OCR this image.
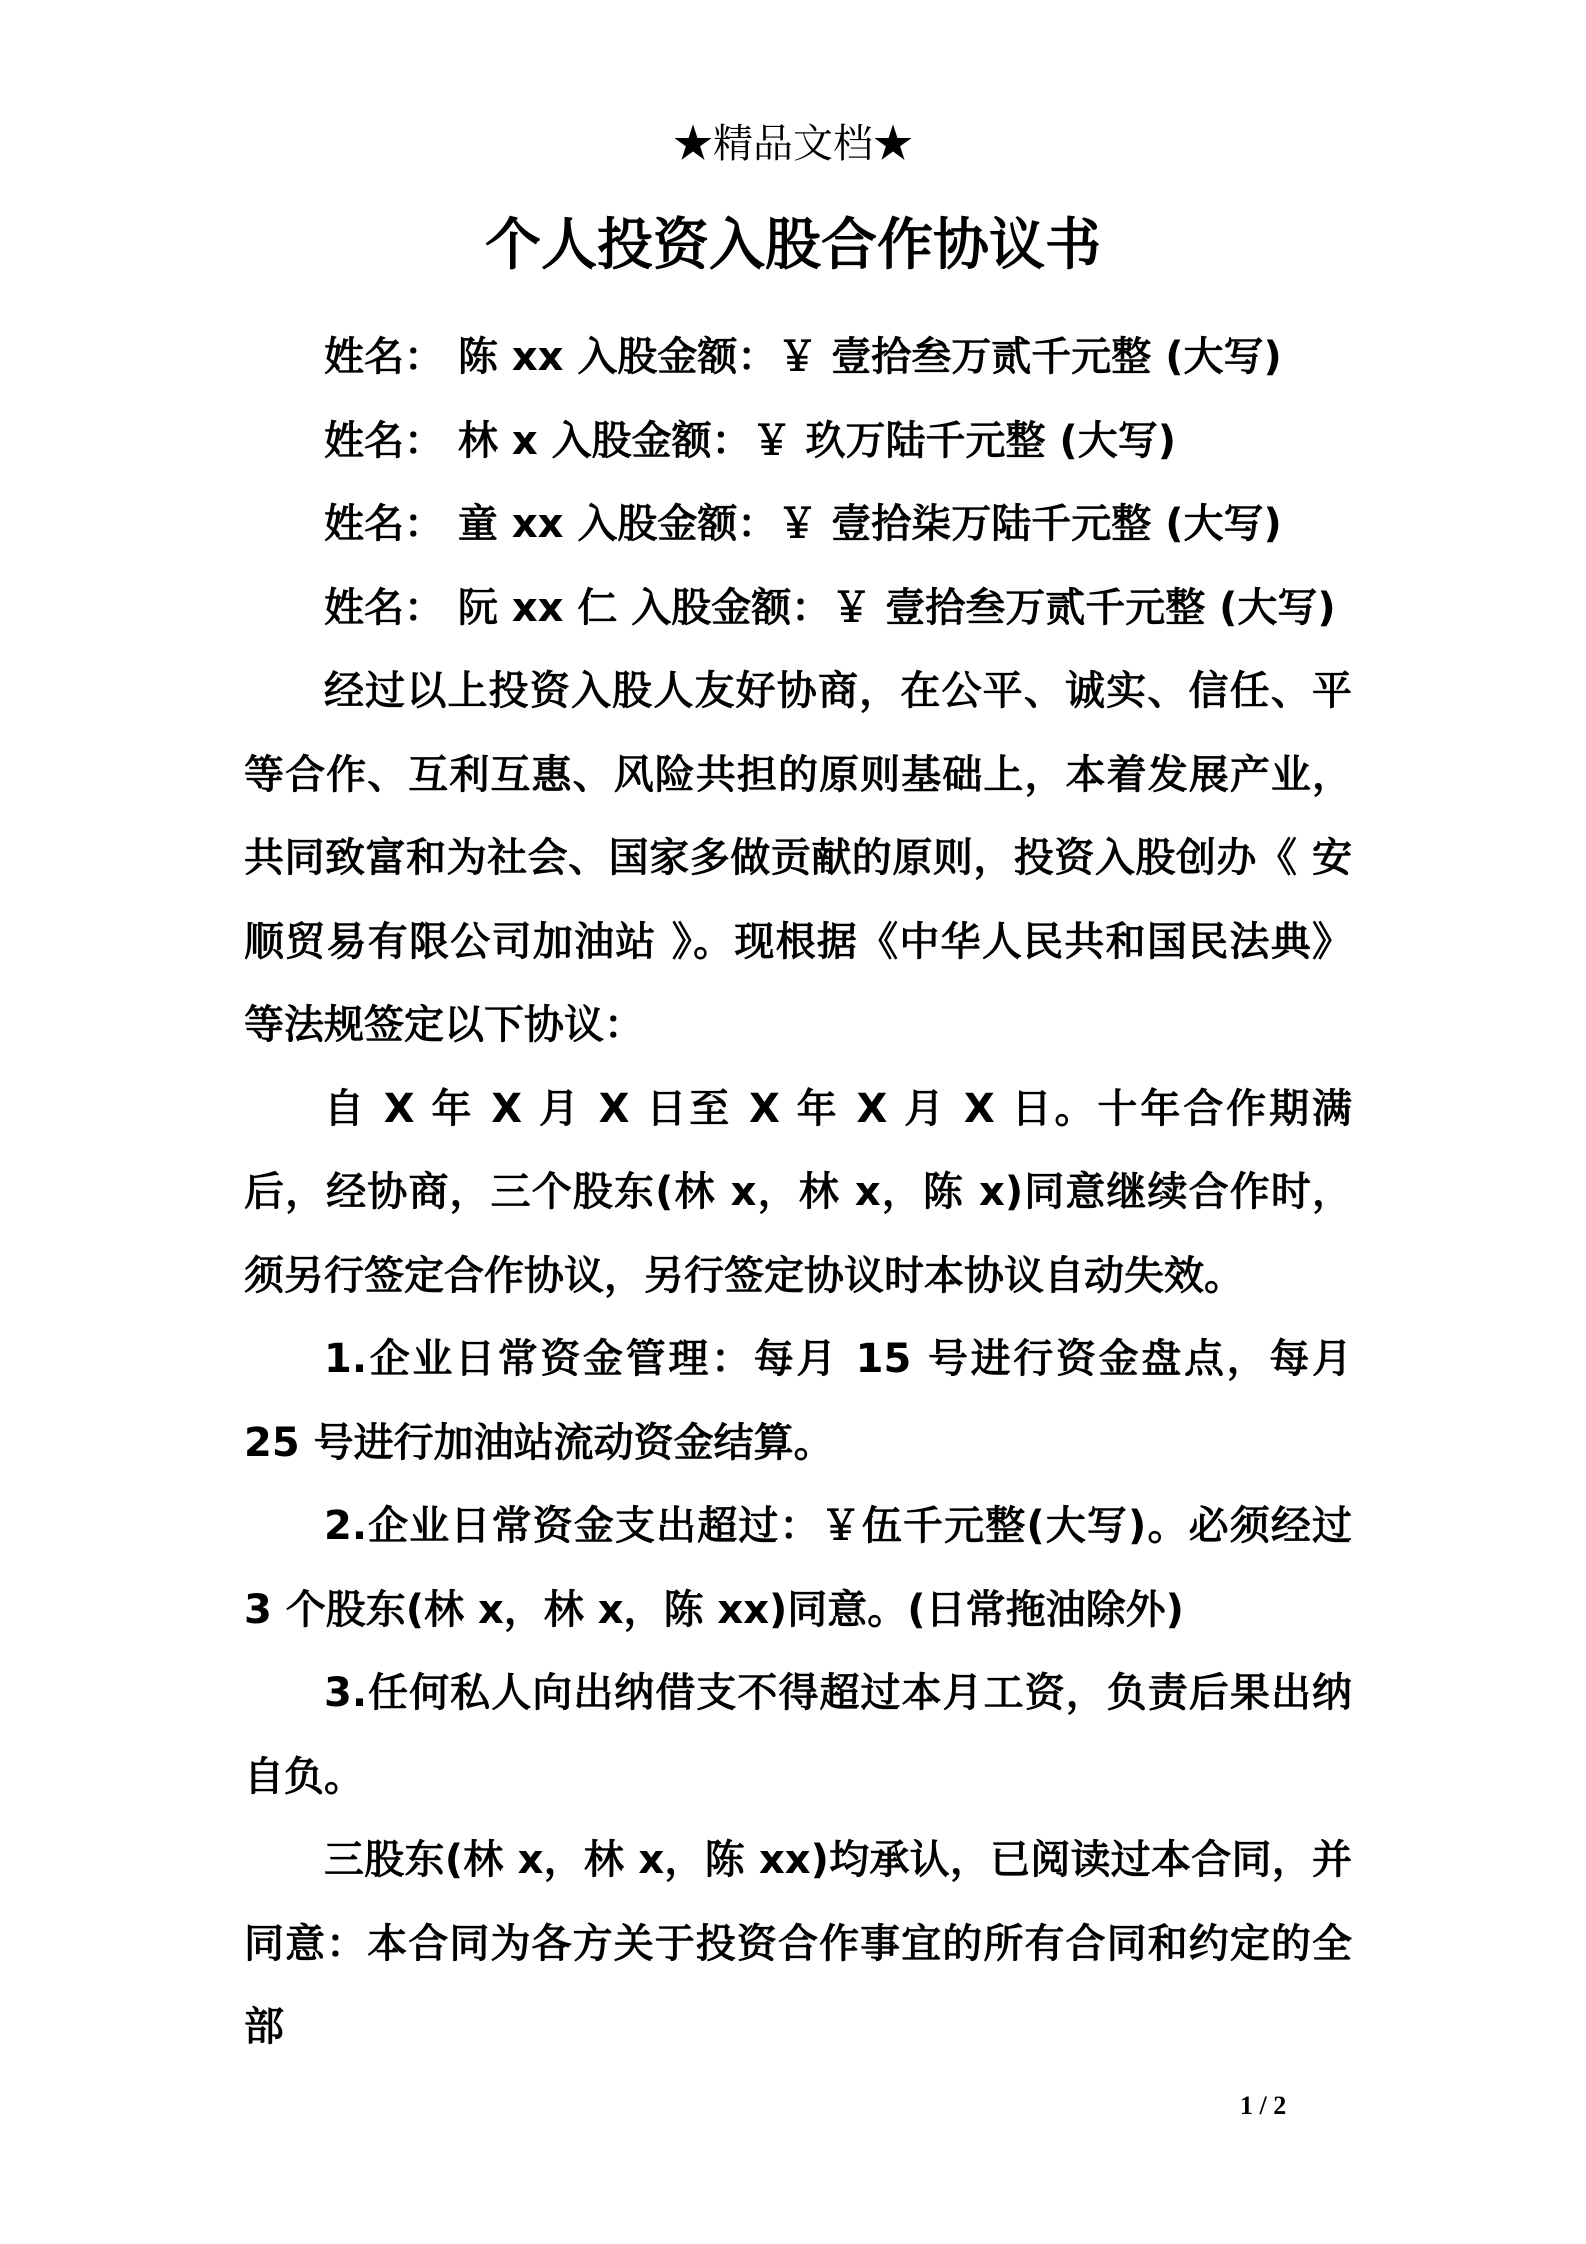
★精品文档★
个人投资入股合作协议书

姓名： 陈 xx 入股金额：￥ 壹拾叁万贰千元整 (大写)

姓名： 林 x 入股金额：￥ 玖万陆千元整 (大写)

姓名： 童 xx 入股金额：￥ 壹拾柒万陆千元整 (大写)

姓名： 阮 xx 仁 入股金额：￥ 壹拾叁万贰千元整 (大写)

经过以上投资入股人友好协商，在公平、诚实、信任、平等合作、互利互惠、风险共担的原则基础上，本着发展产业，共同致富和为社会、国家多做贡献的原则，投资入股创办《 安顺贸易有限公司加油站 》。现根据《中华人民共和国民法典》等法规签定以下协议：

自 X 年 X 月 X 日至 X 年 X 月 X 日。十年合作期满后，经协商，三个股东(林 x，林 x，陈 x)同意继续合作时，须另行签定合作协议，另行签定协议时本协议自动失效。

1.企业日常资金管理：每月 15 号进行资金盘点，每月 25 号进行加油站流动资金结算。

2.企业日常资金支出超过：￥伍千元整(大写)。必须经过 3 个股东(林 x，林 x，陈 xx)同意。(日常拖油除外)

3.任何私人向出纳借支不得超过本月工资，负责后果出纳自负。

三股东(林 x，林 x，陈 xx)均承认，已阅读过本合同，并同意：本合同为各方关于投资合作事宜的所有合同和约定的全部

1 / 2
